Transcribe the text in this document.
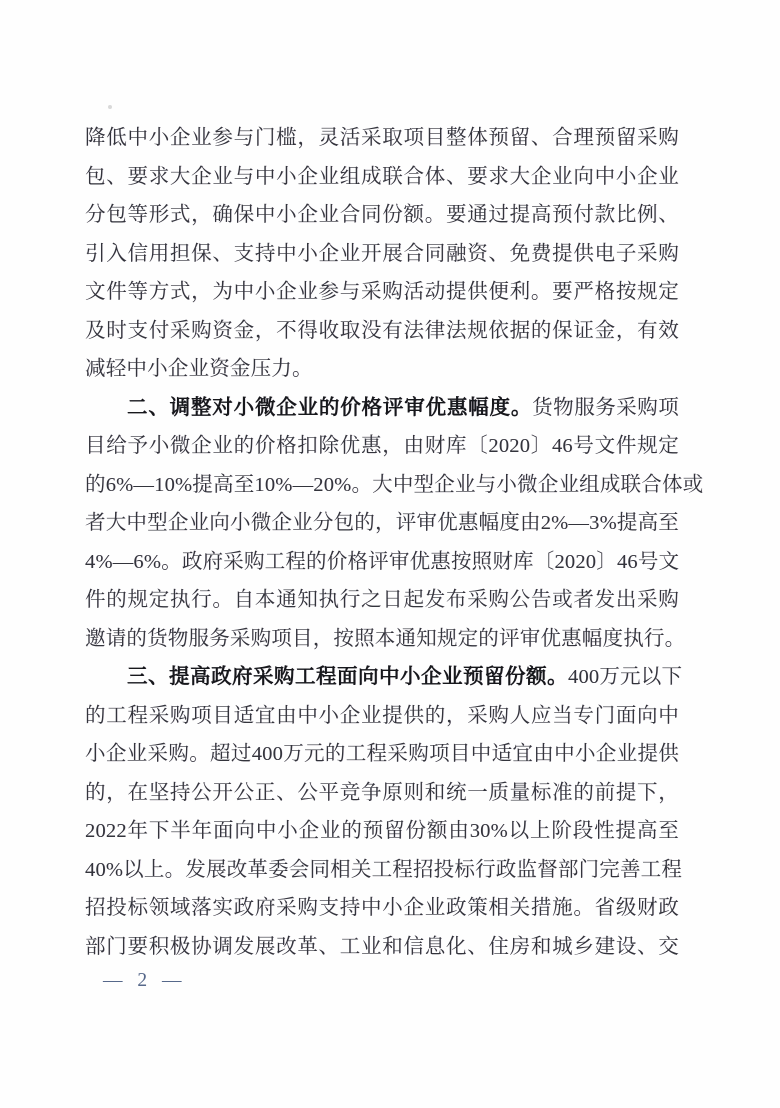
降低中小企业参与门槛，灵活采取项目整体预留、合理预留采购
包、要求大企业与中小企业组成联合体、要求大企业向中小企业
分包等形式，确保中小企业合同份额。要通过提高预付款比例、
引入信用担保、支持中小企业开展合同融资、免费提供电子采购
文件等方式，为中小企业参与采购活动提供便利。要严格按规定
及时支付采购资金，不得收取没有法律法规依据的保证金，有效
减轻中小企业资金压力。
二、调整对小微企业的价格评审优惠幅度。货物服务采购项
目给予小微企业的价格扣除优惠，由财库〔2020〕46号文件规定
的6%—10%提高至10%—20%。大中型企业与小微企业组成联合体或
者大中型企业向小微企业分包的，评审优惠幅度由2%—3%提高至
4%—6%。政府采购工程的价格评审优惠按照财库〔2020〕46号文
件的规定执行。自本通知执行之日起发布采购公告或者发出采购
邀请的货物服务采购项目，按照本通知规定的评审优惠幅度执行。
三、提高政府采购工程面向中小企业预留份额。400万元以下
的工程采购项目适宜由中小企业提供的，采购人应当专门面向中
小企业采购。超过400万元的工程采购项目中适宜由中小企业提供
的，在坚持公开公正、公平竞争原则和统一质量标准的前提下，
2022年下半年面向中小企业的预留份额由30%以上阶段性提高至
40%以上。发展改革委会同相关工程招投标行政监督部门完善工程
招投标领域落实政府采购支持中小企业政策相关措施。省级财政
部门要积极协调发展改革、工业和信息化、住房和城乡建设、交
— 2 —
